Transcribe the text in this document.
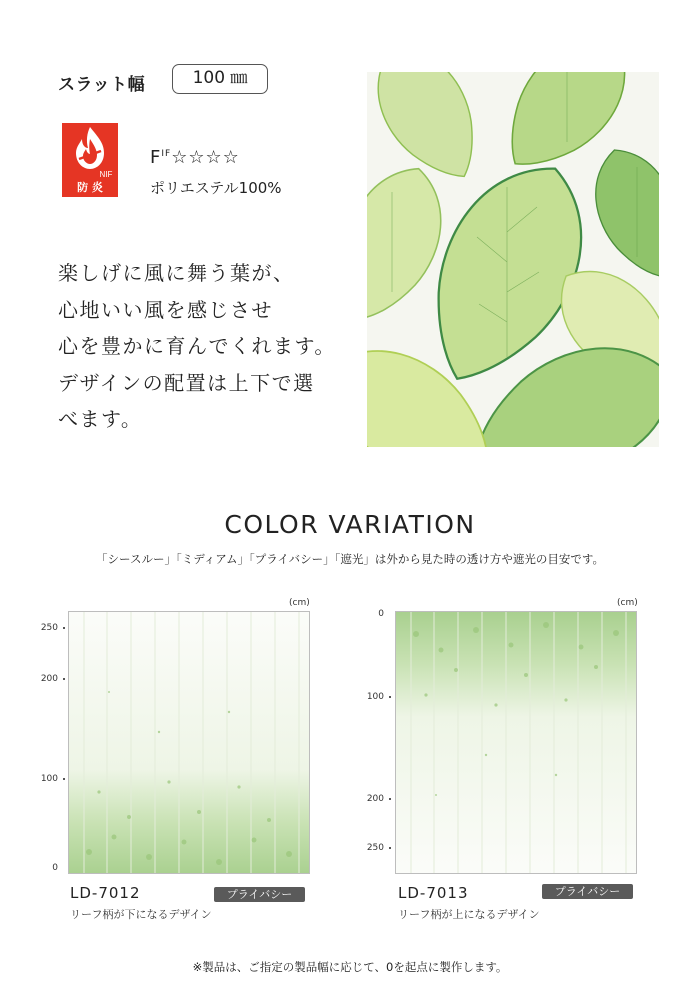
スラット幅	100 ㎜
NIF
防 炎
$F^{IF}☆☆☆☆$
ポリエステル100%
楽しげに風に舞う葉が、
心地いい風を感じさせ
心を豊かに育んでくれます。
デザインの配置は上下で選
べます。
COLOR VARIATION
「シースルー」「ミディアム」「プライバシー」「遮光」は外から見た時の透け方や遮光の目安です。
(cm)
250
200
100
0
LD-7012	プライバシー
リーフ柄が下になるデザイン
(cm)
0
100
200
250
LD-7013	プライバシー
リーフ柄が上になるデザイン
※製品は、ご指定の製品幅に応じて、0を起点に製作します。
